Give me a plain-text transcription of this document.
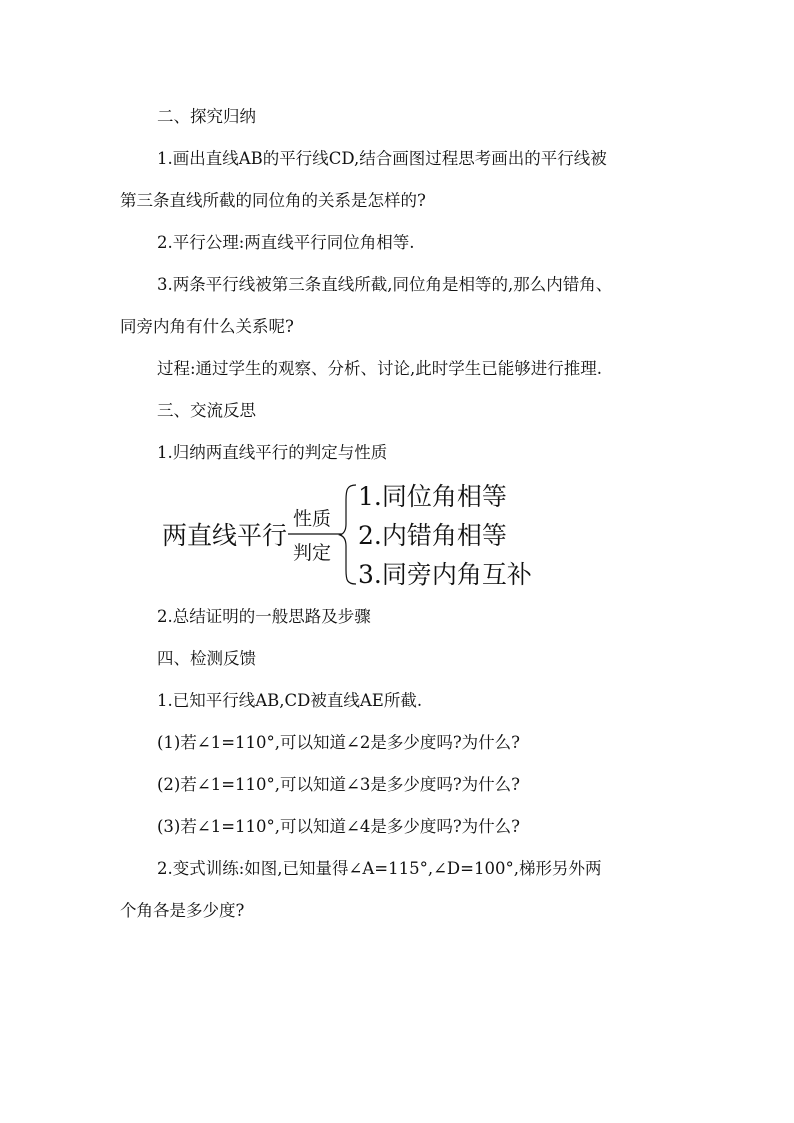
二、探究归纳
1.画出直线AB的平行线CD,结合画图过程思考画出的平行线被
第三条直线所截的同位角的关系是怎样的?
2.平行公理:两直线平行同位角相等.
3.两条平行线被第三条直线所截,同位角是相等的,那么内错角、
同旁内角有什么关系呢?
过程:通过学生的观察、分析、讨论,此时学生已能够进行推理.
三、交流反思
1.归纳两直线平行的判定与性质
两直线平行
性质
判定
1.同位角相等
2.内错角相等
3.同旁内角互补
2.总结证明的一般思路及步骤
四、检测反馈
1.已知平行线AB,CD被直线AE所截.
(1)若∠1=110°,可以知道∠2是多少度吗?为什么?
(2)若∠1=110°,可以知道∠3是多少度吗?为什么?
(3)若∠1=110°,可以知道∠4是多少度吗?为什么?
2.变式训练:如图,已知量得∠A=115°,∠D=100°,梯形另外两
个角各是多少度?
